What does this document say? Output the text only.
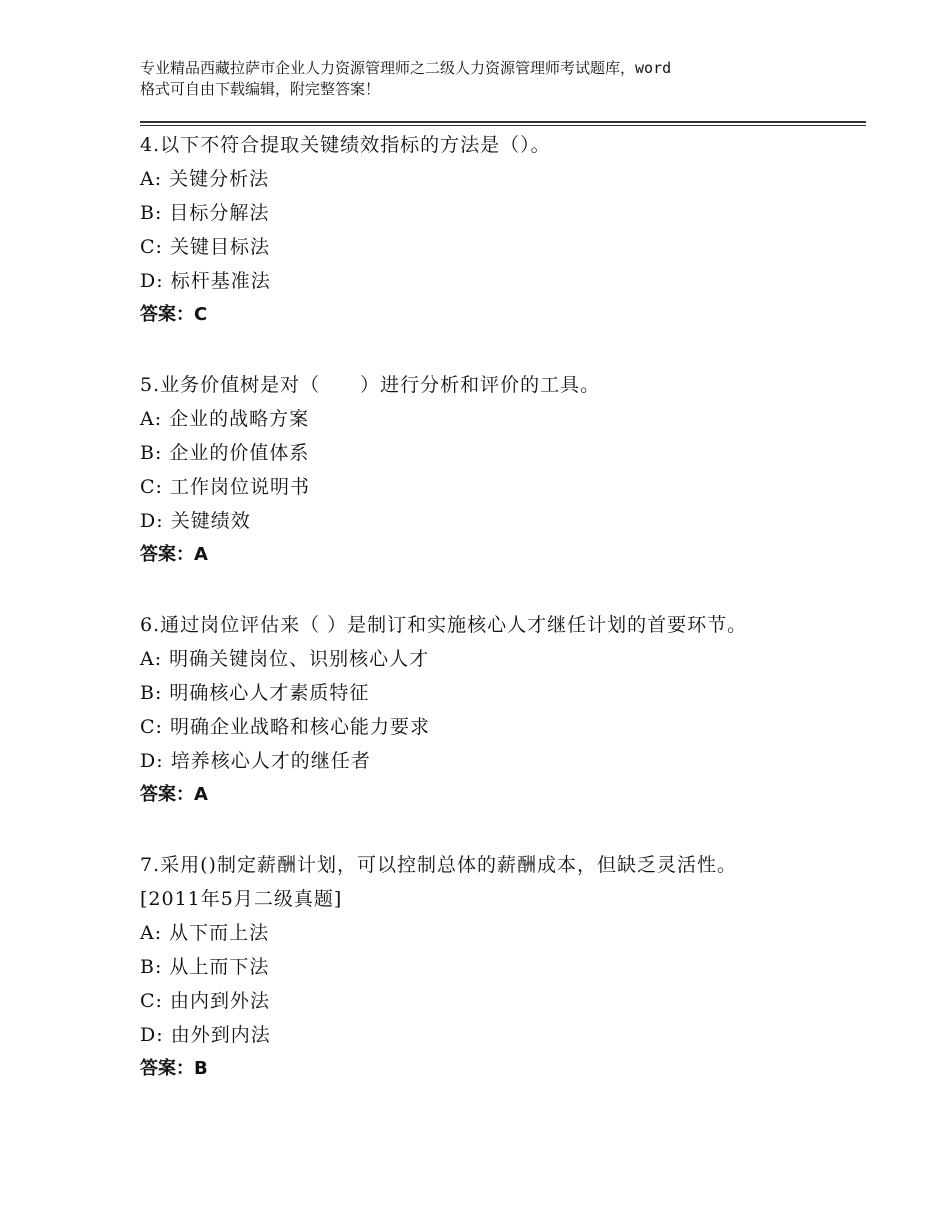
专业精品西藏拉萨市企业人力资源管理师之二级人力资源管理师考试题库，word
格式可自由下载编辑，附完整答案！
4.以下不符合提取关键绩效指标的方法是（）。
A: 关键分析法
B: 目标分解法
C: 关键目标法
D: 标杆基准法
答案：C
5.业务价值树是对（　　）进行分析和评价的工具。
A: 企业的战略方案
B: 企业的价值体系
C: 工作岗位说明书
D: 关键绩效
答案：A
6.通过岗位评估来（ ）是制订和实施核心人才继任计划的首要环节。
A: 明确关键岗位、识别核心人才
B: 明确核心人才素质特征
C: 明确企业战略和核心能力要求
D: 培养核心人才的继任者
答案：A
7.采用()制定薪酬计划，可以控制总体的薪酬成本，但缺乏灵活性。
[2011年5月二级真题]
A: 从下而上法
B: 从上而下法
C: 由内到外法
D: 由外到内法
答案：B
